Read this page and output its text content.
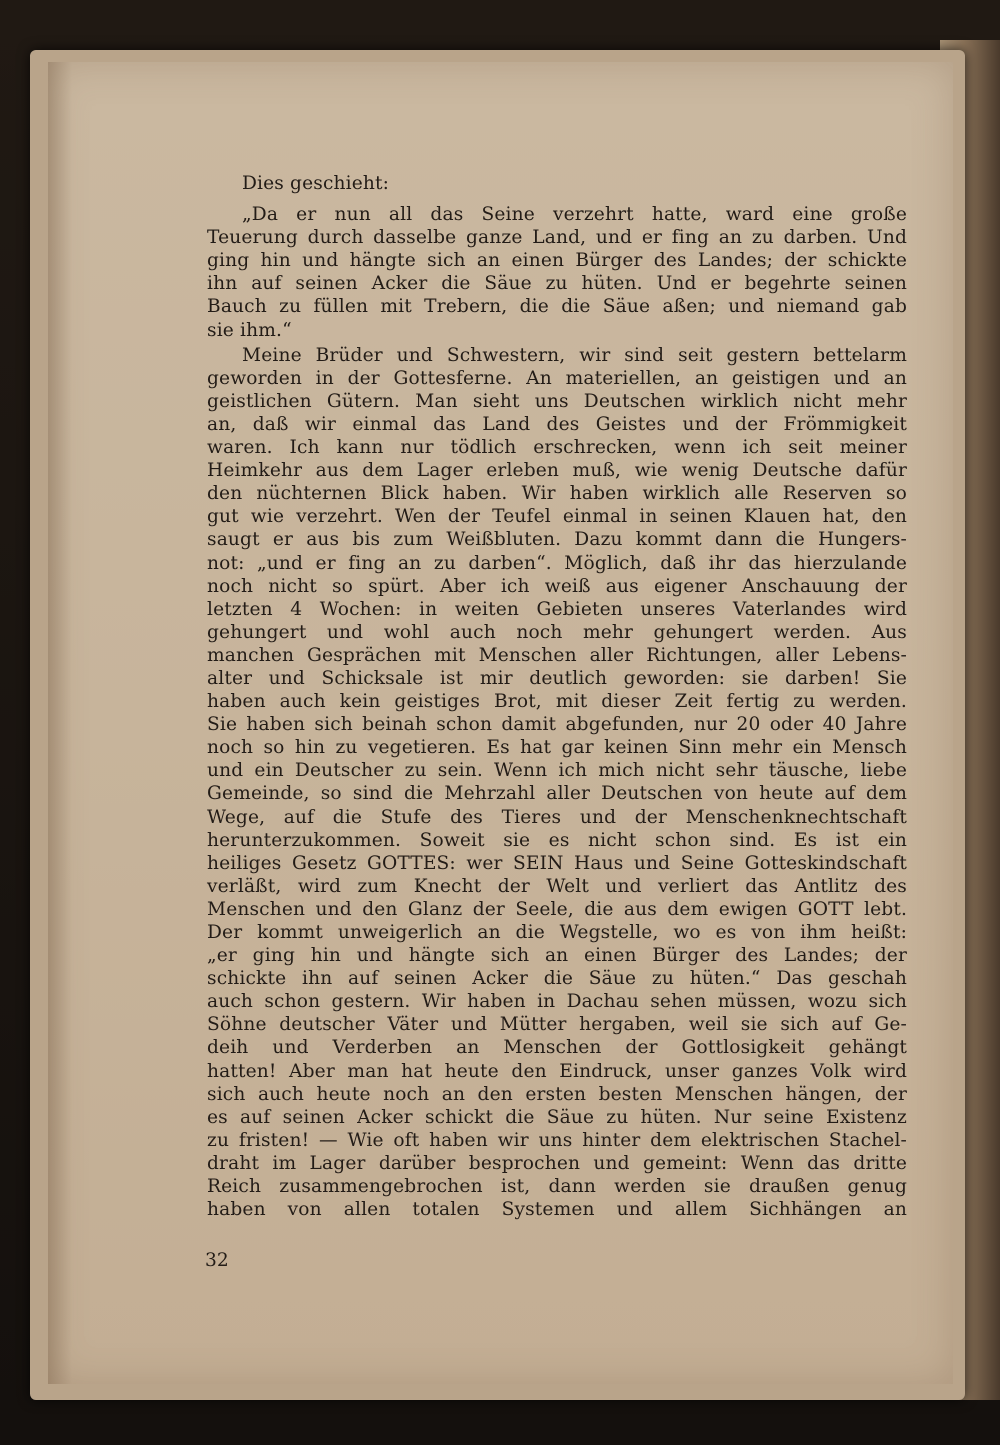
Dies geschieht:

„Da er nun all das Seine verzehrt hatte, ward eine große

Teuerung durch dasselbe ganze Land, und er fing an zu darben. Und

ging hin und hängte sich an einen Bürger des Landes; der schickte

ihn auf seinen Acker die Säue zu hüten. Und er begehrte seinen

Bauch zu füllen mit Trebern, die die Säue aßen; und niemand gab

sie ihm.“

Meine Brüder und Schwestern, wir sind seit gestern bettelarm

geworden in der Gottesferne. An materiellen, an geistigen und an

geistlichen Gütern. Man sieht uns Deutschen wirklich nicht mehr

an, daß wir einmal das Land des Geistes und der Frömmigkeit

waren. Ich kann nur tödlich erschrecken, wenn ich seit meiner

Heimkehr aus dem Lager erleben muß, wie wenig Deutsche dafür

den nüchternen Blick haben. Wir haben wirklich alle Reserven so

gut wie verzehrt. Wen der Teufel einmal in seinen Klauen hat, den

saugt er aus bis zum Weißbluten. Dazu kommt dann die Hungers-

not: „und er fing an zu darben“. Möglich, daß ihr das hierzulande

noch nicht so spürt. Aber ich weiß aus eigener Anschauung der

letzten 4 Wochen: in weiten Gebieten unseres Vaterlandes wird

gehungert und wohl auch noch mehr gehungert werden. Aus

manchen Gesprächen mit Menschen aller Richtungen, aller Lebens-

alter und Schicksale ist mir deutlich geworden: sie darben! Sie

haben auch kein geistiges Brot, mit dieser Zeit fertig zu werden.

Sie haben sich beinah schon damit abgefunden, nur 20 oder 40 Jahre

noch so hin zu vegetieren. Es hat gar keinen Sinn mehr ein Mensch

und ein Deutscher zu sein. Wenn ich mich nicht sehr täusche, liebe

Gemeinde, so sind die Mehrzahl aller Deutschen von heute auf dem

Wege, auf die Stufe des Tieres und der Menschenknechtschaft

herunterzukommen. Soweit sie es nicht schon sind. Es ist ein

heiliges Gesetz GOTTES: wer SEIN Haus und Seine Gotteskindschaft

verläßt, wird zum Knecht der Welt und verliert das Antlitz des

Menschen und den Glanz der Seele, die aus dem ewigen GOTT lebt.

Der kommt unweigerlich an die Wegstelle, wo es von ihm heißt:

„er ging hin und hängte sich an einen Bürger des Landes; der

schickte ihn auf seinen Acker die Säue zu hüten.“ Das geschah

auch schon gestern. Wir haben in Dachau sehen müssen, wozu sich

Söhne deutscher Väter und Mütter hergaben, weil sie sich auf Ge-

deih und Verderben an Menschen der Gottlosigkeit gehängt

hatten! Aber man hat heute den Eindruck, unser ganzes Volk wird

sich auch heute noch an den ersten besten Menschen hängen, der

es auf seinen Acker schickt die Säue zu hüten. Nur seine Existenz

zu fristen! — Wie oft haben wir uns hinter dem elektrischen Stachel-

draht im Lager darüber besprochen und gemeint: Wenn das dritte

Reich zusammengebrochen ist, dann werden sie draußen genug

haben von allen totalen Systemen und allem Sichhängen an

32
